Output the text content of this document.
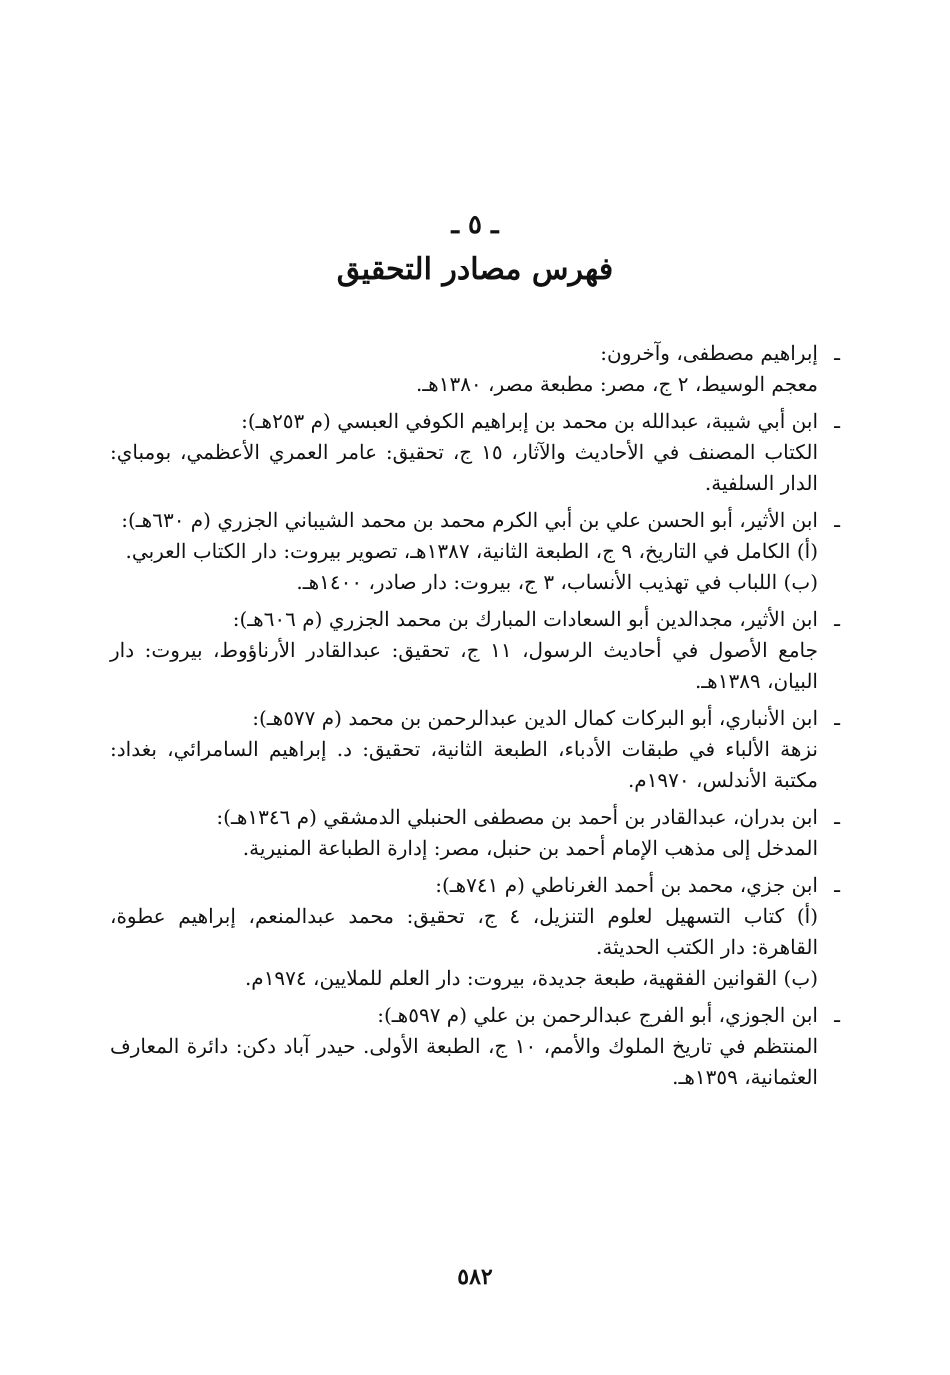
ـ ٥ ـ
فهرس مصادر التحقيق
ـ
إبراهيم مصطفى، وآخرون:
معجم الوسيط، ٢ ج، مصر: مطبعة مصر، ١٣٨٠هـ.
ـ
ابن أبي شيبة، عبدالله بن محمد بن إبراهيم الكوفي العبسي (م ٢٥٣هـ):
الكتاب المصنف في الأحاديث والآثار، ١٥ ج، تحقيق: عامر العمري الأعظمي، بومباي: الدار السلفية.
ـ
ابن الأثير، أبو الحسن علي بن أبي الكرم محمد بن محمد الشيباني الجزري (م ٦٣٠هـ):
(أ) الكامل في التاريخ، ٩ ج، الطبعة الثانية، ١٣٨٧هـ، تصوير بيروت: دار الكتاب العربي.
(ب) اللباب في تهذيب الأنساب، ٣ ج، بيروت: دار صادر، ١٤٠٠هـ.
ـ
ابن الأثير، مجدالدين أبو السعادات المبارك بن محمد الجزري (م ٦٠٦هـ):
جامع الأصول في أحاديث الرسول، ١١ ج، تحقيق: عبدالقادر الأرناؤوط، بيروت: دار البيان، ١٣٨٩هـ.
ـ
ابن الأنباري، أبو البركات كمال الدين عبدالرحمن بن محمد (م ٥٧٧هـ):
نزهة الألباء في طبقات الأدباء، الطبعة الثانية، تحقيق: د. إبراهيم السامرائي، بغداد: مكتبة الأندلس، ١٩٧٠م.
ـ
ابن بدران، عبدالقادر بن أحمد بن مصطفى الحنبلي الدمشقي (م ١٣٤٦هـ):
المدخل إلى مذهب الإمام أحمد بن حنبل، مصر: إدارة الطباعة المنيرية.
ـ
ابن جزي، محمد بن أحمد الغرناطي (م ٧٤١هـ):
(أ) كتاب التسهيل لعلوم التنزيل، ٤ ج، تحقيق: محمد عبدالمنعم، إبراهيم عطوة، القاهرة: دار الكتب الحديثة.
(ب) القوانين الفقهية، طبعة جديدة، بيروت: دار العلم للملايين، ١٩٧٤م.
ـ
ابن الجوزي، أبو الفرج عبدالرحمن بن علي (م ٥٩٧هـ):
المنتظم في تاريخ الملوك والأمم، ١٠ ج، الطبعة الأولى. حيدر آباد دكن: دائرة المعارف العثمانية، ١٣٥٩هـ.
٥٨٢
